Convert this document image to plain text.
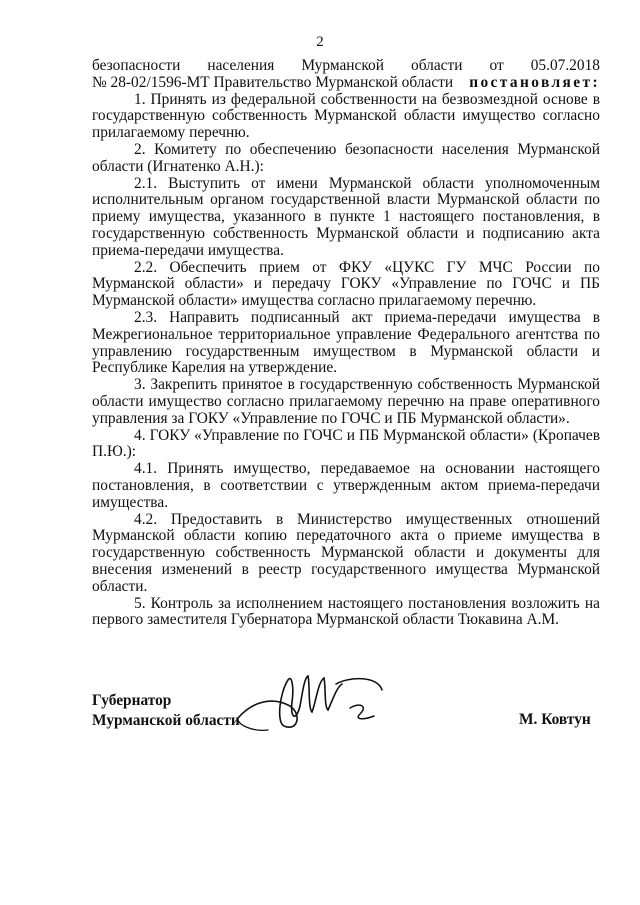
2
безопасности населения Мурманской области от 05.07.2018
№ 28-02/1596-МТ Правительство Мурманской области постановляет:

1. Принять из федеральной собственности на безвозмездной основе в государственную собственность Мурманской области имущество согласно прилагаемому перечню.

2. Комитету по обеспечению безопасности населения Мурманской области (Игнатенко А.Н.):

2.1. Выступить от имени Мурманской области уполномоченным исполнительным органом государственной власти Мурманской области по приему имущества, указанного в пункте 1 настоящего постановления, в государственную собственность Мурманской области и подписанию акта приема-передачи имущества.

2.2. Обеспечить прием от ФКУ «ЦУКС ГУ МЧС России по Мурманской области» и передачу ГОКУ «Управление по ГОЧС и ПБ Мурманской области» имущества согласно прилагаемому перечню.

2.3. Направить подписанный акт приема-передачи имущества в Межрегиональное территориальное управление Федерального агентства по управлению государственным имуществом в Мурманской области и Республике Карелия на утверждение.

3. Закрепить принятое в государственную собственность Мурманской области имущество согласно прилагаемому перечню на праве оперативного управления за ГОКУ «Управление по ГОЧС и ПБ Мурманской области».

4. ГОКУ «Управление по ГОЧС и ПБ Мурманской области» (Кропачев П.Ю.):

4.1. Принять имущество, передаваемое на основании настоящего постановления, в соответствии с утвержденным актом приема-передачи имущества.

4.2. Предоставить в Министерство имущественных отношений Мурманской области копию передаточного акта о приеме имущества в государственную собственность Мурманской области и документы для внесения изменений в реестр государственного имущества Мурманской области.

5. Контроль за исполнением настоящего постановления возложить на первого заместителя Губернатора Мурманской области Тюкавина А.М.

Губернатор
Мурманской области	М. Ковтун
